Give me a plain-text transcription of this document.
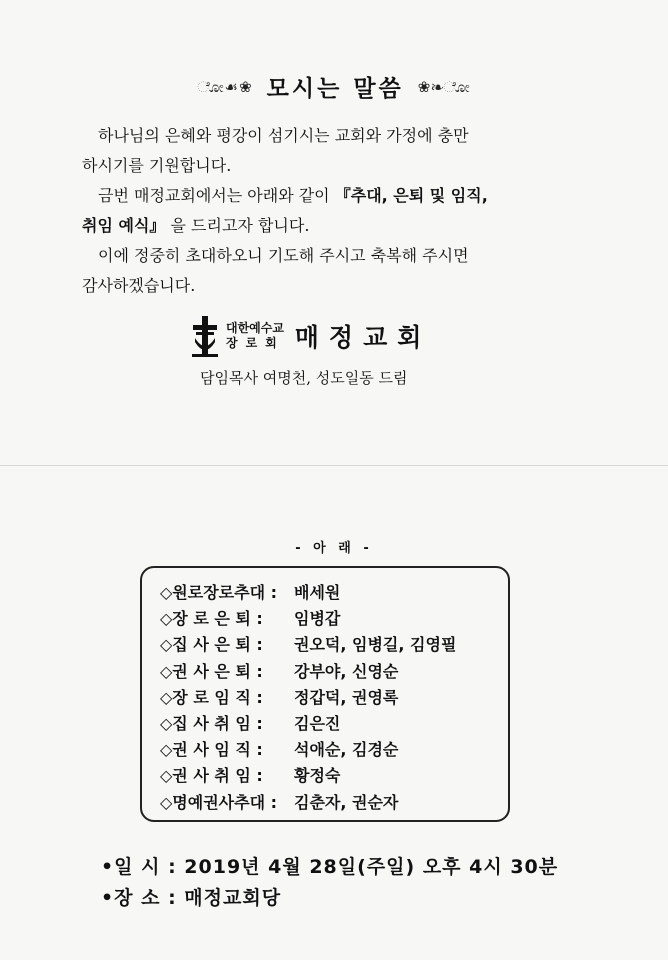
ೋ☙❀ 모시는 말씀 ❀❧ೋ

하나님의 은혜와 평강이 섬기시는 교회와 가정에 충만

하시기를 기원합니다.

금번 매정교회에서는 아래와 같이 『추대, 은퇴 및 임직,

취임 예식』 을 드리고자 합니다.

이에 정중히 초대하오니 기도해 주시고 축복해 주시면

감사하겠습니다.

대한예수교
장로회 매정교회
담임목사 여명천, 성도일동 드림
- 아 래 -
◇원로장로추대 :	배세원
◇장 로 은 퇴 :	임병갑
◇집 사 은 퇴 :	권오덕, 임병길, 김영필
◇권 사 은 퇴 :	강부야, 신영순
◇장 로 임 직 :	정갑덕, 권영록
◇집 사 취 임 :	김은진
◇권 사 임 직 :	석애순, 김경순
◇권 사 취 임 :	황정숙
◇명예권사추대 :	김춘자, 권순자
•일 시 : 2019년 4월 28일(주일) 오후 4시 30분
•장 소 : 매정교회당
